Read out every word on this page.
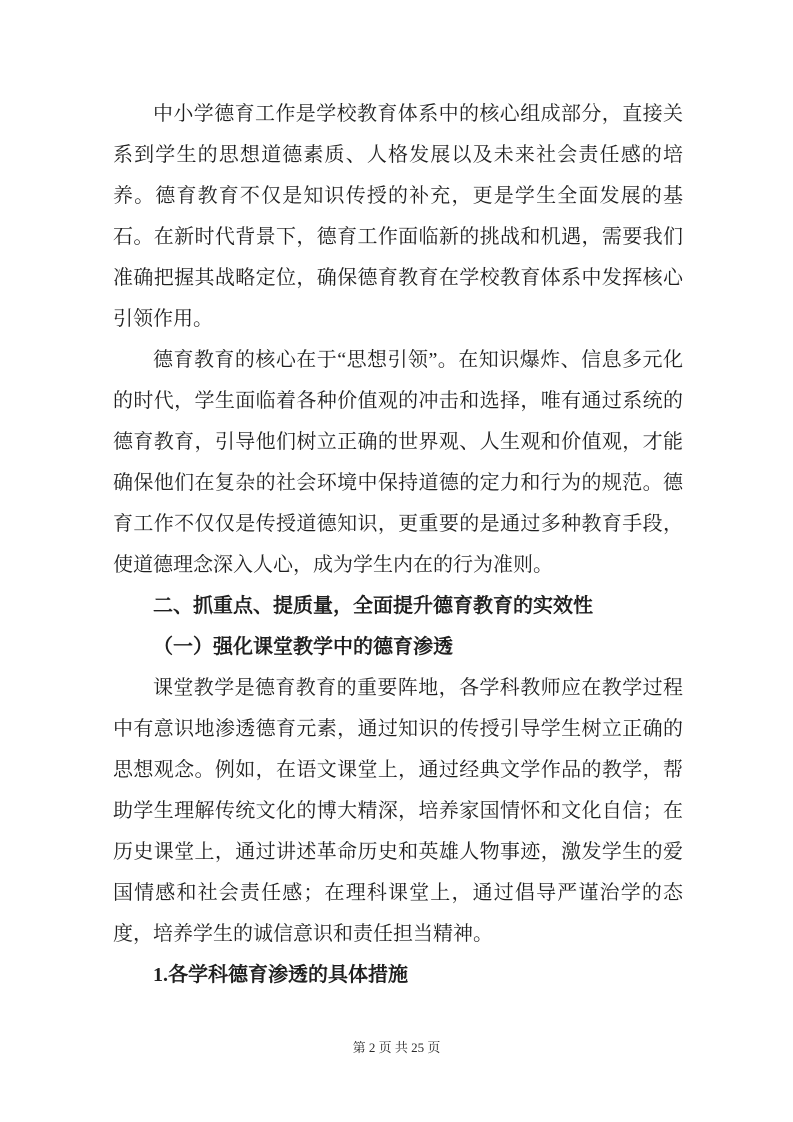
中小学德育工作是学校教育体系中的核心组成部分，直接关系到学生的思想道德素质、人格发展以及未来社会责任感的培养。德育教育不仅是知识传授的补充，更是学生全面发展的基石。在新时代背景下，德育工作面临新的挑战和机遇，需要我们准确把握其战略定位，确保德育教育在学校教育体系中发挥核心引领作用。

德育教育的核心在于“思想引领”。在知识爆炸、信息多元化的时代，学生面临着各种价值观的冲击和选择，唯有通过系统的德育教育，引导他们树立正确的世界观、人生观和价值观，才能确保他们在复杂的社会环境中保持道德的定力和行为的规范。德育工作不仅仅是传授道德知识，更重要的是通过多种教育手段，使道德理念深入人心，成为学生内在的行为准则。

二、抓重点、提质量，全面提升德育教育的实效性

（一）强化课堂教学中的德育渗透

课堂教学是德育教育的重要阵地，各学科教师应在教学过程中有意识地渗透德育元素，通过知识的传授引导学生树立正确的思想观念。例如，在语文课堂上，通过经典文学作品的教学，帮助学生理解传统文化的博大精深，培养家国情怀和文化自信；在历史课堂上，通过讲述革命历史和英雄人物事迹，激发学生的爱国情感和社会责任感；在理科课堂上，通过倡导严谨治学的态度，培养学生的诚信意识和责任担当精神。

1.各学科德育渗透的具体措施

第 2 页 共 25 页
